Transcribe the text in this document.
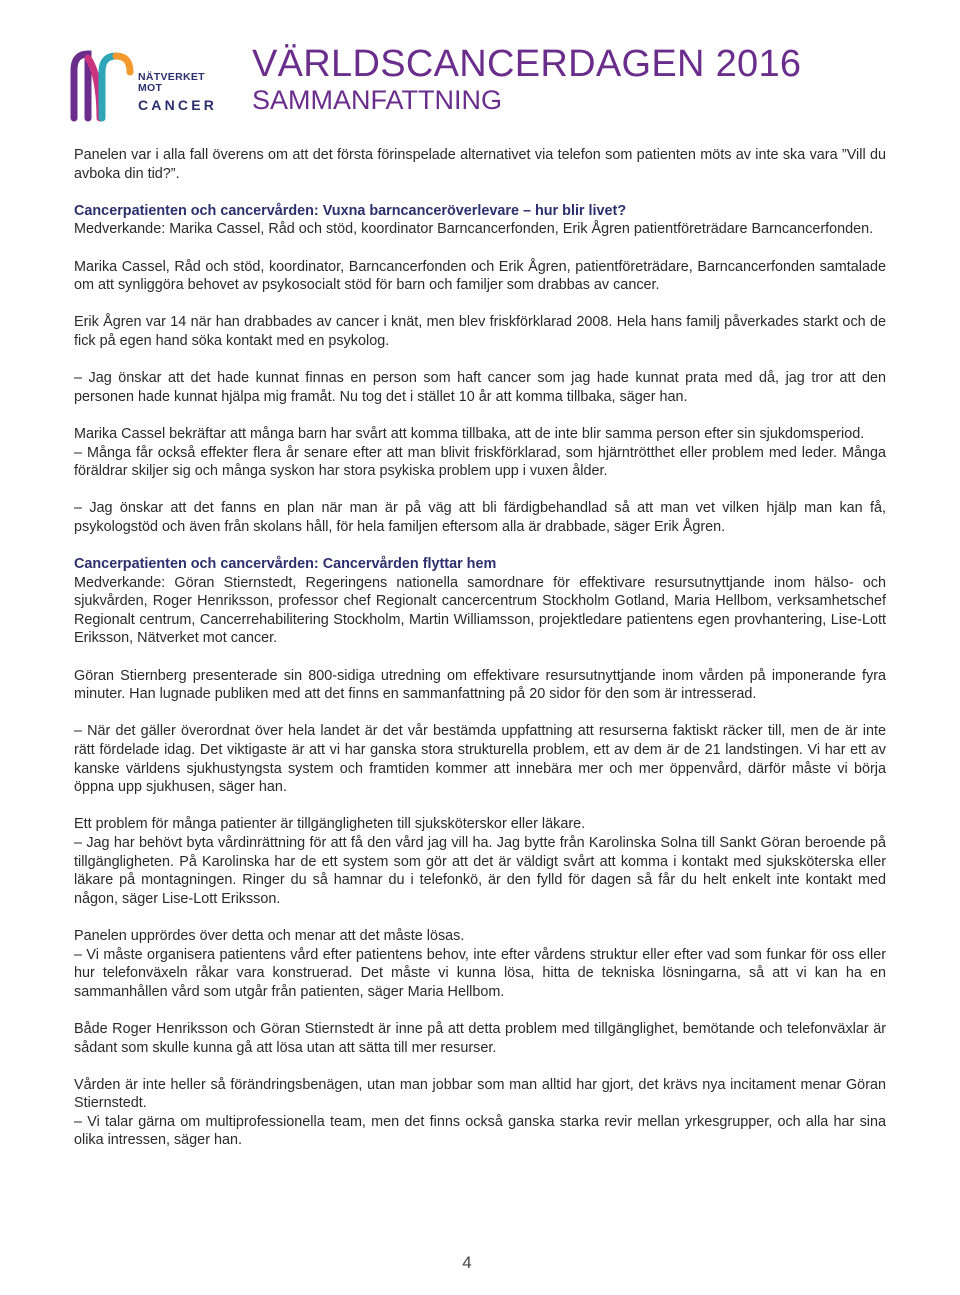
NÄTVERKET MOT
CANCER
VÄRLDSCANCERDAGEN 2016
SAMMANFATTNING

Panelen var i alla fall överens om att det första förinspelade alternativet via telefon som patienten möts av inte ska vara ”Vill du avboka din tid?”.

Cancerpatienten och cancervården: Vuxna barncanceröverlevare – hur blir livet?

Medverkande: Marika Cassel, Råd och stöd, koordinator Barncancerfonden, Erik Ågren patientföreträdare Barncancerfonden.

Marika Cassel, Råd och stöd, koordinator, Barncancerfonden och Erik Ågren, patientföreträdare, Barncancerfonden samtalade om att synliggöra behovet av psykosocialt stöd för barn och familjer som drabbas av cancer.

Erik Ågren var 14 när han drabbades av cancer i knät, men blev friskförklarad 2008. Hela hans familj påverkades starkt och de fick på egen hand söka kontakt med en psykolog.

– Jag önskar att det hade kunnat finnas en person som haft cancer som jag hade kunnat prata med då, jag tror att den personen hade kunnat hjälpa mig framåt. Nu tog det i stället 10 år att komma tillbaka, säger han.

Marika Cassel bekräftar att många barn har svårt att komma tillbaka, att de inte blir samma person efter sin sjukdomsperiod.

– Många får också effekter flera år senare efter att man blivit friskförklarad, som hjärntrötthet eller problem med leder. Många föräldrar skiljer sig och många syskon har stora psykiska problem upp i vuxen ålder.

– Jag önskar att det fanns en plan när man är på väg att bli färdigbehandlad så att man vet vilken hjälp man kan få, psykologstöd och även från skolans håll, för hela familjen eftersom alla är drabbade, säger Erik Ågren.

Cancerpatienten och cancervården: Cancervården flyttar hem

Medverkande: Göran Stiernstedt, Regeringens nationella samordnare för effektivare resursutnyttjande inom hälso- och sjukvården, Roger Henriksson, professor chef Regionalt cancercentrum Stockholm Gotland, Maria Hellbom, verksamhetschef Regionalt centrum, Cancerrehabilitering Stockholm, Martin Williamsson, projektledare patientens egen provhantering, Lise-Lott Eriksson, Nätverket mot cancer.

Göran Stiernberg presenterade sin 800-sidiga utredning om effektivare resursutnyttjande inom vården på imponerande fyra minuter. Han lugnade publiken med att det finns en sammanfattning på 20 sidor för den som är intresserad.

– När det gäller överordnat över hela landet är det vår bestämda uppfattning att resurserna faktiskt räcker till, men de är inte rätt fördelade idag. Det viktigaste är att vi har ganska stora strukturella problem, ett av dem är de 21 landstingen. Vi har ett av kanske världens sjukhustyngsta system och framtiden kommer att innebära mer och mer öppenvård, därför måste vi börja öppna upp sjukhusen, säger han.

Ett problem för många patienter är tillgängligheten till sjuksköterskor eller läkare.

– Jag har behövt byta vårdinrättning för att få den vård jag vill ha. Jag bytte från Karolinska Solna till Sankt Göran beroende på tillgängligheten. På Karolinska har de ett system som gör att det är väldigt svårt att komma i kontakt med sjuksköterska eller läkare på montagningen. Ringer du så hamnar du i telefonkö, är den fylld för dagen så får du helt enkelt inte kontakt med någon, säger Lise-Lott Eriksson.

Panelen upprördes över detta och menar att det måste lösas.

– Vi måste organisera patientens vård efter patientens behov, inte efter vårdens struktur eller efter vad som funkar för oss eller hur telefonväxeln råkar vara konstruerad. Det måste vi kunna lösa, hitta de tekniska lösningarna, så att vi kan ha en sammanhållen vård som utgår från patienten, säger Maria Hellbom.

Både Roger Henriksson och Göran Stiernstedt är inne på att detta problem med tillgänglighet, bemötande och telefonväxlar är sådant som skulle kunna gå att lösa utan att sätta till mer resurser.

Vården är inte heller så förändringsbenägen, utan man jobbar som man alltid har gjort, det krävs nya incitament menar Göran Stiernstedt.

– Vi talar gärna om multiprofessionella team, men det finns också ganska starka revir mellan yrkesgrupper, och alla har sina olika intressen, säger han.

4
